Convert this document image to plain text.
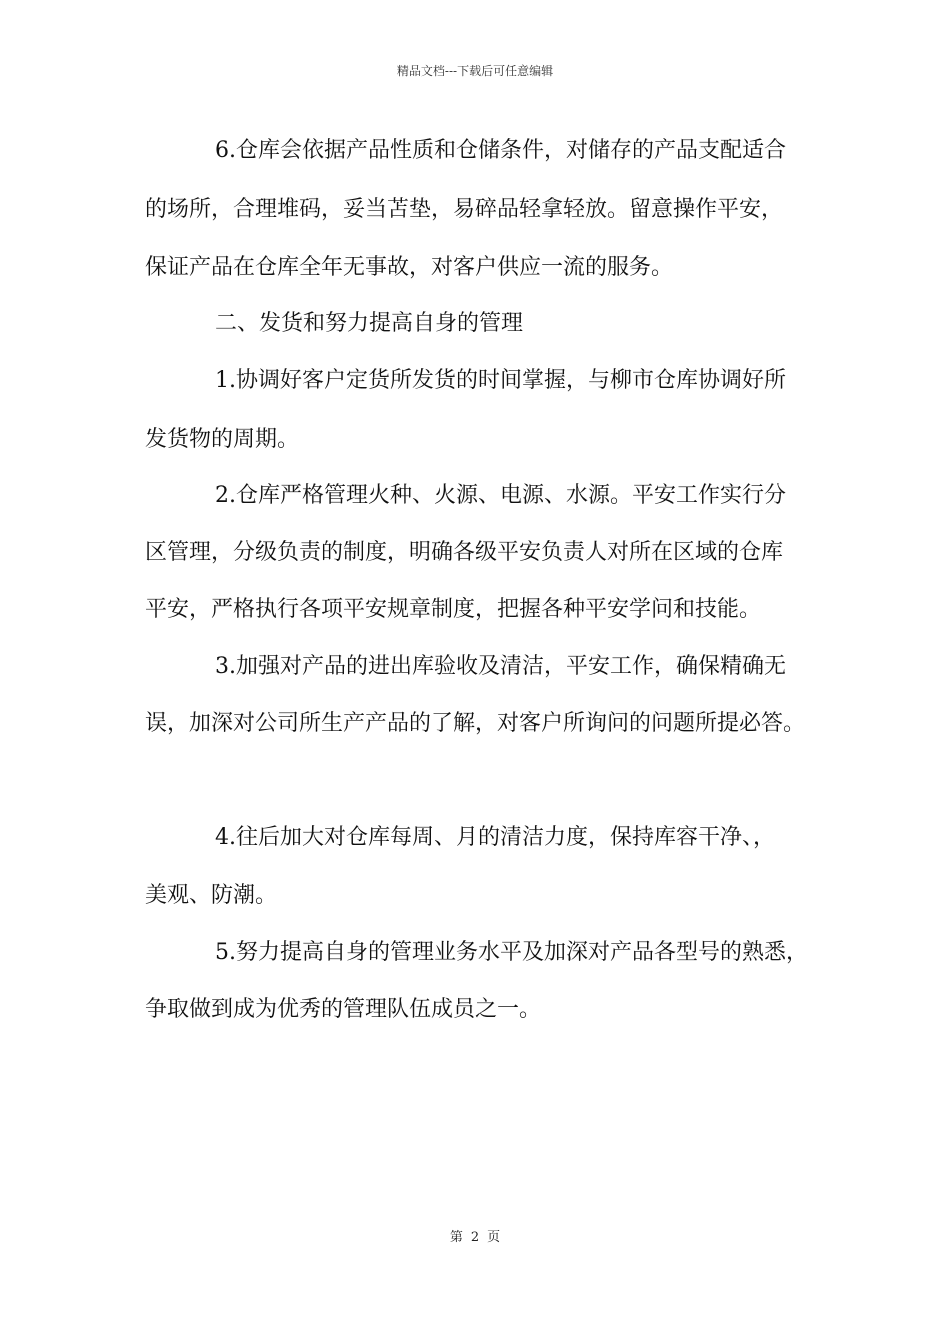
精品文档---下载后可任意编辑
6.仓库会依据产品性质和仓储条件，对储存的产品支配适合
的场所，合理堆码，妥当苫垫，易碎品轻拿轻放。留意操作平安，
保证产品在仓库全年无事故，对客户供应一流的服务。
二、发货和努力提高自身的管理
1.协调好客户定货所发货的时间掌握，与柳市仓库协调好所
发货物的周期。
2.仓库严格管理火种、火源、电源、水源。平安工作实行分
区管理，分级负责的制度，明确各级平安负责人对所在区域的仓库
平安，严格执行各项平安规章制度，把握各种平安学问和技能。
3.加强对产品的进出库验收及清洁，平安工作，确保精确无
误，加深对公司所生产产品的了解，对客户所询问的问题所提必答。
4.往后加大对仓库每周、月的清洁力度，保持库容干净、，
美观、防潮。
5.努力提高自身的管理业务水平及加深对产品各型号的熟悉，
争取做到成为优秀的管理队伍成员之一。
第 2 页
